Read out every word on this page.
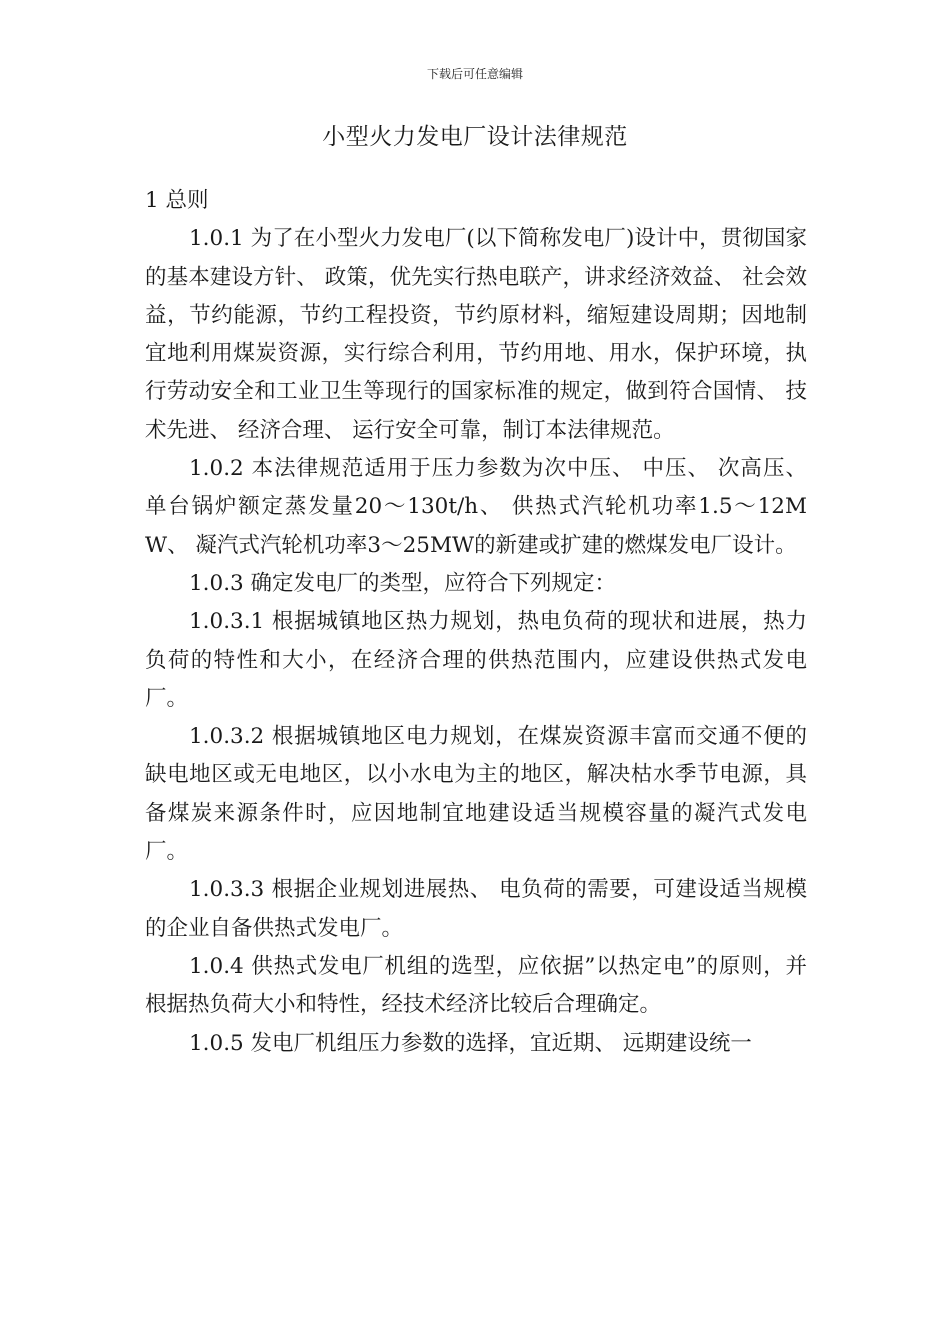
下载后可任意编辑
小型火力发电厂设计法律规范

1 总则

1.0.1 为了在小型火力发电厂(以下简称发电厂)设计中，贯彻国家的基本建设方针、 政策，优先实行热电联产，讲求经济效益、 社会效益，节约能源，节约工程投资，节约原材料，缩短建设周期；因地制宜地利用煤炭资源，实行综合利用，节约用地、用水，保护环境，执行劳动安全和工业卫生等现行的国家标准的规定，做到符合国情、 技术先进、 经济合理、 运行安全可靠，制订本法律规范。

1.0.2 本法律规范适用于压力参数为次中压、 中压、 次高压、 单台锅炉额定蒸发量20～130t/h、 供热式汽轮机功率1.5～12MW、 凝汽式汽轮机功率3～25MW的新建或扩建的燃煤发电厂设计。

1.0.3 确定发电厂的类型，应符合下列规定：

1.0.3.1 根据城镇地区热力规划，热电负荷的现状和进展，热力负荷的特性和大小，在经济合理的供热范围内，应建设供热式发电厂。

1.0.3.2 根据城镇地区电力规划，在煤炭资源丰富而交通不便的缺电地区或无电地区，以小水电为主的地区，解决枯水季节电源，具备煤炭来源条件时，应因地制宜地建设适当规模容量的凝汽式发电厂。

1.0.3.3 根据企业规划进展热、 电负荷的需要，可建设适当规模的企业自备供热式发电厂。

1.0.4 供热式发电厂机组的选型，应依据”以热定电”的原则，并根据热负荷大小和特性，经技术经济比较后合理确定。

1.0.5 发电厂机组压力参数的选择，宜近期、 远期建设统一
